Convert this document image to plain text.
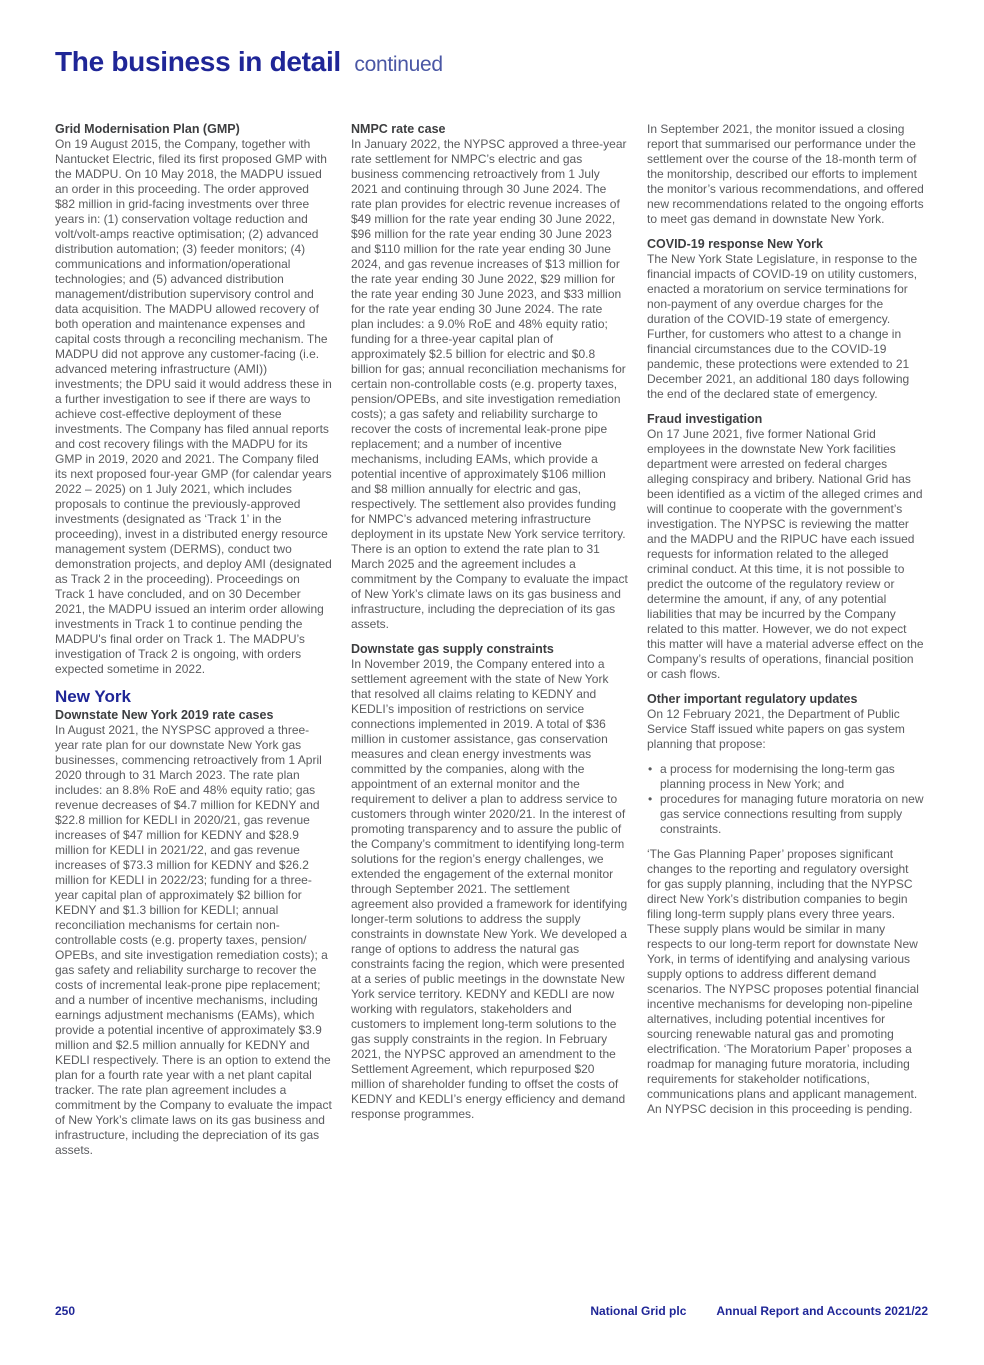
The business in detail continued
Grid Modernisation Plan (GMP)

On 19 August 2015, the Company, together with Nantucket Electric, filed its first proposed GMP with the MADPU. On 10 May 2018, the MADPU issued an order in this proceeding. The order approved $82 million in grid-facing investments over three years in: (1) conservation voltage reduction and volt/volt-amps reactive optimisation; (2) advanced distribution automation; (3) feeder monitors; (4) communications and information/operational technologies; and (5) advanced distribution management/distribution supervisory control and data acquisition. The MADPU allowed recovery of both operation and maintenance expenses and capital costs through a reconciling mechanism. The MADPU did not approve any customer-facing (i.e. advanced metering infrastructure (AMI)) investments; the DPU said it would address these in a further investigation to see if there are ways to achieve cost-effective deployment of these investments. The Company has filed annual reports and cost recovery filings with the MADPU for its GMP in 2019, 2020 and 2021. The Company filed its next proposed four-year GMP (for calendar years 2022 – 2025) on 1 July 2021, which includes proposals to continue the previously-approved investments (designated as ‘Track 1’ in the proceeding), invest in a distributed energy resource management system (DERMS), conduct two demonstration projects, and deploy AMI (designated as Track 2 in the proceeding). Proceedings on Track 1 have concluded, and on 30 December 2021, the MADPU issued an interim order allowing investments in Track 1 to continue pending the MADPU's final order on Track 1. The MADPU’s investigation of Track 2 is ongoing, with orders expected sometime in 2022.

New York
Downstate New York 2019 rate cases

In August 2021, the NYSPSC approved a three-year rate plan for our downstate New York gas businesses, commencing retroactively from 1 April 2020 through to 31 March 2023. The rate plan includes: an 8.8% RoE and 48% equity ratio; gas revenue decreases of $4.7 million for KEDNY and $22.8 million for KEDLI in 2020/21, gas revenue increases of $47 million for KEDNY and $28.9 million for KEDLI in 2021/22, and gas revenue increases of $73.3 million for KEDNY and $26.2 million for KEDLI in 2022/23; funding for a three-year capital plan of approximately $2 billion for KEDNY and $1.3 billion for KEDLI; annual reconciliation mechanisms for certain non-controllable costs (e.g. property taxes, pension/ OPEBs, and site investigation remediation costs); a gas safety and reliability surcharge to recover the costs of incremental leak-prone pipe replacement; and a number of incentive mechanisms, including earnings adjustment mechanisms (EAMs), which provide a potential incentive of approximately $3.9 million and $2.5 million annually for KEDNY and KEDLI respectively. There is an option to extend the plan for a fourth rate year with a net plant capital tracker. The rate plan agreement includes a commitment by the Company to evaluate the impact of New York’s climate laws on its gas business and infrastructure, including the depreciation of its gas assets.

NMPC rate case

In January 2022, the NYPSC approved a three-year rate settlement for NMPC’s electric and gas business commencing retroactively from 1 July 2021 and continuing through 30 June 2024. The rate plan provides for electric revenue increases of $49 million for the rate year ending 30 June 2022, $96 million for the rate year ending 30 June 2023 and $110 million for the rate year ending 30 June 2024, and gas revenue increases of $13 million for the rate year ending 30 June 2022, $29 million for the rate year ending 30 June 2023, and $33 million for the rate year ending 30 June 2024. The rate plan includes: a 9.0% RoE and 48% equity ratio; funding for a three-year capital plan of approximately $2.5 billion for electric and $0.8 billion for gas; annual reconciliation mechanisms for certain non-controllable costs (e.g. property taxes, pension/OPEBs, and site investigation remediation costs); a gas safety and reliability surcharge to recover the costs of incremental leak-prone pipe replacement; and a number of incentive mechanisms, including EAMs, which provide a potential incentive of approximately $106 million and $8 million annually for electric and gas, respectively. The settlement also provides funding for NMPC’s advanced metering infrastructure deployment in its upstate New York service territory. There is an option to extend the rate plan to 31 March 2025 and the agreement includes a commitment by the Company to evaluate the impact of New York’s climate laws on its gas business and infrastructure, including the depreciation of its gas assets.

Downstate gas supply constraints

In November 2019, the Company entered into a settlement agreement with the state of New York that resolved all claims relating to KEDNY and KEDLI’s imposition of restrictions on service connections implemented in 2019. A total of $36 million in customer assistance, gas conservation measures and clean energy investments was committed by the companies, along with the appointment of an external monitor and the requirement to deliver a plan to address service to customers through winter 2020/21. In the interest of promoting transparency and to assure the public of the Company’s commitment to identifying long-term solutions for the region’s energy challenges, we extended the engagement of the external monitor through September 2021. The settlement agreement also provided a framework for identifying longer-term solutions to address the supply constraints in downstate New York. We developed a range of options to address the natural gas constraints facing the region, which were presented at a series of public meetings in the downstate New York service territory. KEDNY and KEDLI are now working with regulators, stakeholders and customers to implement long-term solutions to the gas supply constraints in the region. In February 2021, the NYPSC approved an amendment to the Settlement Agreement, which repurposed $20 million of shareholder funding to offset the costs of KEDNY and KEDLI’s energy efficiency and demand response programmes.

In September 2021, the monitor issued a closing report that summarised our performance under the settlement over the course of the 18-month term of the monitorship, described our efforts to implement the monitor’s various recommendations, and offered new recommendations related to the ongoing efforts to meet gas demand in downstate New York.

COVID-19 response New York

The New York State Legislature, in response to the financial impacts of COVID-19 on utility customers, enacted a moratorium on service terminations for non-payment of any overdue charges for the duration of the COVID-19 state of emergency. Further, for customers who attest to a change in financial circumstances due to the COVID-19 pandemic, these protections were extended to 21 December 2021, an additional 180 days following the end of the declared state of emergency.

Fraud investigation

On 17 June 2021, five former National Grid employees in the downstate New York facilities department were arrested on federal charges alleging conspiracy and bribery. National Grid has been identified as a victim of the alleged crimes and will continue to cooperate with the government’s investigation. The NYPSC is reviewing the matter and the MADPU and the RIPUC have each issued requests for information related to the alleged criminal conduct. At this time, it is not possible to predict the outcome of the regulatory review or determine the amount, if any, of any potential liabilities that may be incurred by the Company related to this matter. However, we do not expect this matter will have a material adverse effect on the Company’s results of operations, financial position or cash flows.

Other important regulatory updates

On 12 February 2021, the Department of Public Service Staff issued white papers on gas system planning that propose:

• a process for modernising the long-term gas planning process in New York; and
• procedures for managing future moratoria on new gas service connections resulting from supply constraints.

‘The Gas Planning Paper’ proposes significant changes to the reporting and regulatory oversight for gas supply planning, including that the NYPSC direct New York’s distribution companies to begin filing long-term supply plans every three years. These supply plans would be similar in many respects to our long-term report for downstate New York, in terms of identifying and analysing various supply options to address different demand scenarios. The NYPSC proposes potential financial incentive mechanisms for developing non-pipeline alternatives, including potential incentives for sourcing renewable natural gas and promoting electrification. ‘The Moratorium Paper’ proposes a roadmap for managing future moratoria, including requirements for stakeholder notifications, communications plans and applicant management. An NYPSC decision in this proceeding is pending.

250	National Grid plc	Annual Report and Accounts 2021/22
